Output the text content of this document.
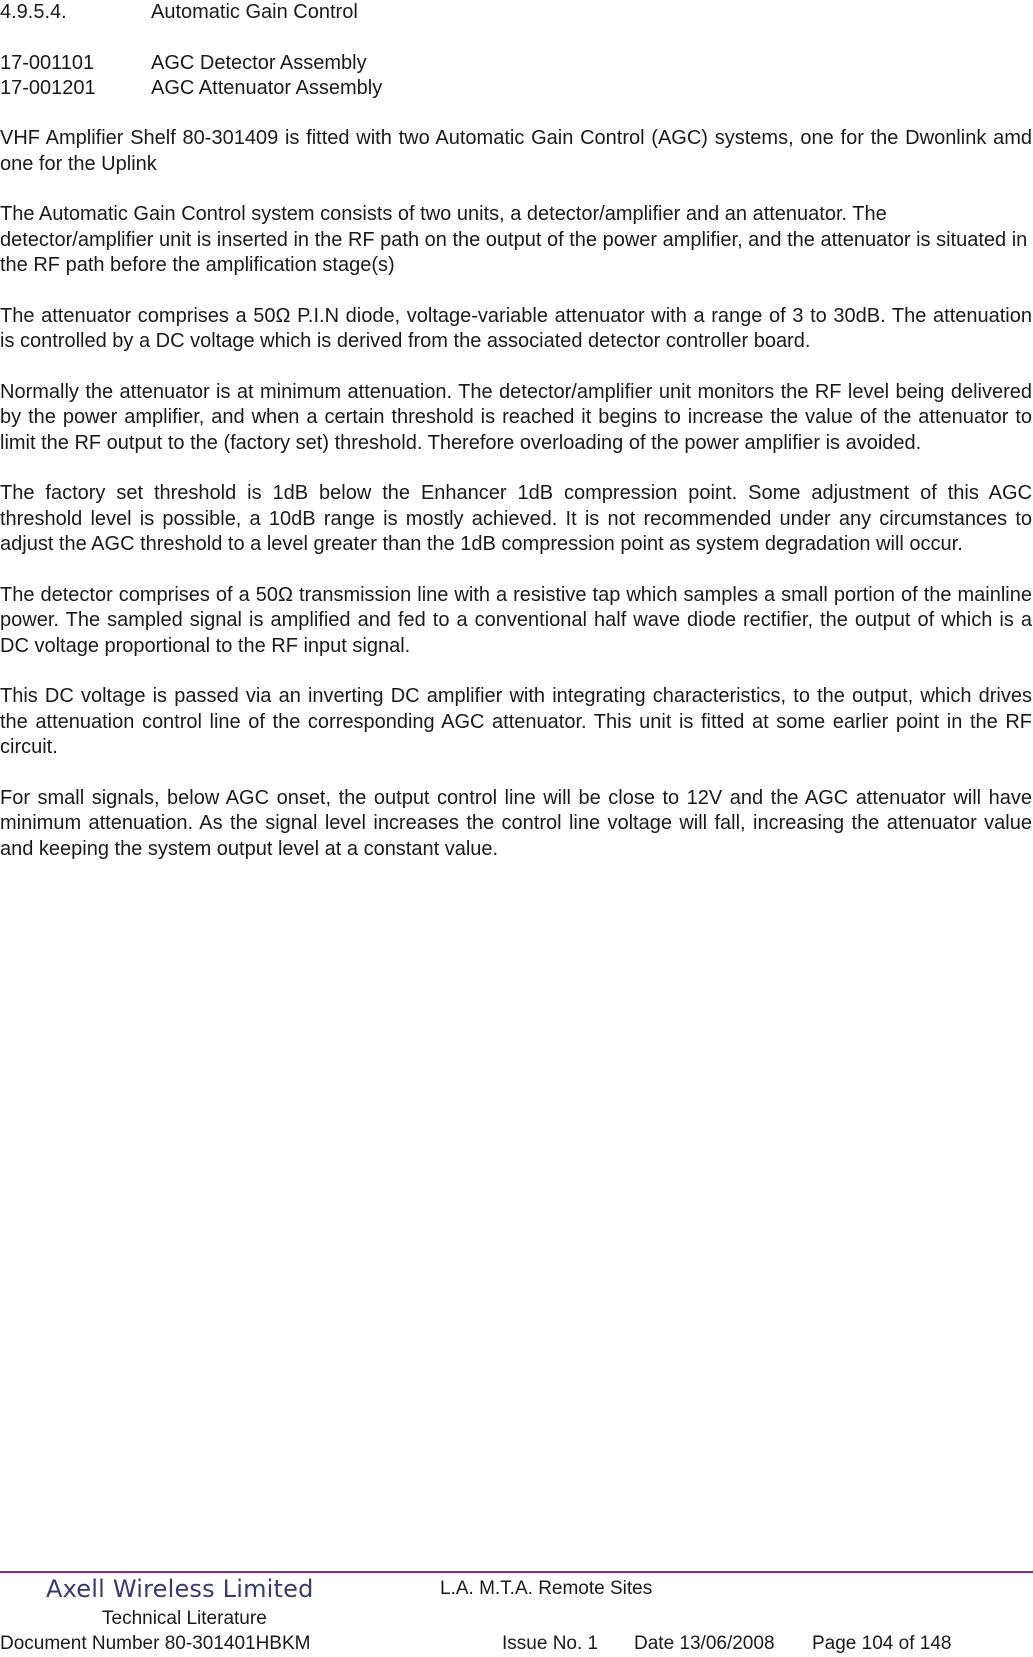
4.9.5.4.	Automatic Gain Control
17-001101	AGC Detector Assembly
17-001201	AGC Attenuator Assembly

VHF Amplifier Shelf 80-301409 is fitted with two Automatic Gain Control (AGC) systems, one for the Dwonlink amd one for the Uplink

The Automatic Gain Control system consists of two units, a detector/amplifier and an attenuator. The detector/amplifier unit is inserted in the RF path on the output of the power amplifier, and the attenuator is situated in the RF path before the amplification stage(s)

The attenuator comprises a 50Ω P.I.N diode, voltage-variable attenuator with a range of 3 to 30dB. The attenuation is controlled by a DC voltage which is derived from the associated detector controller board.

Normally the attenuator is at minimum attenuation. The detector/amplifier unit monitors the RF level being delivered by the power amplifier, and when a certain threshold is reached it begins to increase the value of the attenuator to limit the RF output to the (factory set) threshold. Therefore overloading of the power amplifier is avoided.

The factory set threshold is 1dB below the Enhancer 1dB compression point. Some adjustment of this AGC threshold level is possible, a 10dB range is mostly achieved. It is not recommended under any circumstances to adjust the AGC threshold to a level greater than the 1dB compression point as system degradation will occur.

The detector comprises of a 50Ω transmission line with a resistive tap which samples a small portion of the mainline power. The sampled signal is amplified and fed to a conventional half wave diode rectifier, the output of which is a DC voltage proportional to the RF input signal.

This DC voltage is passed via an inverting DC amplifier with integrating characteristics, to the output, which drives the attenuation control line of the corresponding AGC attenuator. This unit is fitted at some earlier point in the RF circuit.

For small signals, below AGC onset, the output control line will be close to 12V and the AGC attenuator will have minimum attenuation. As the signal level increases the control line voltage will fall, increasing the attenuator value and keeping the system output level at a constant value.

Axell Wireless Limited	L.A. M.T.A. Remote Sites
Technical Literature
Document Number 80-301401HBKM	Issue No. 1 Date 13/06/2008 Page 104 of 148
